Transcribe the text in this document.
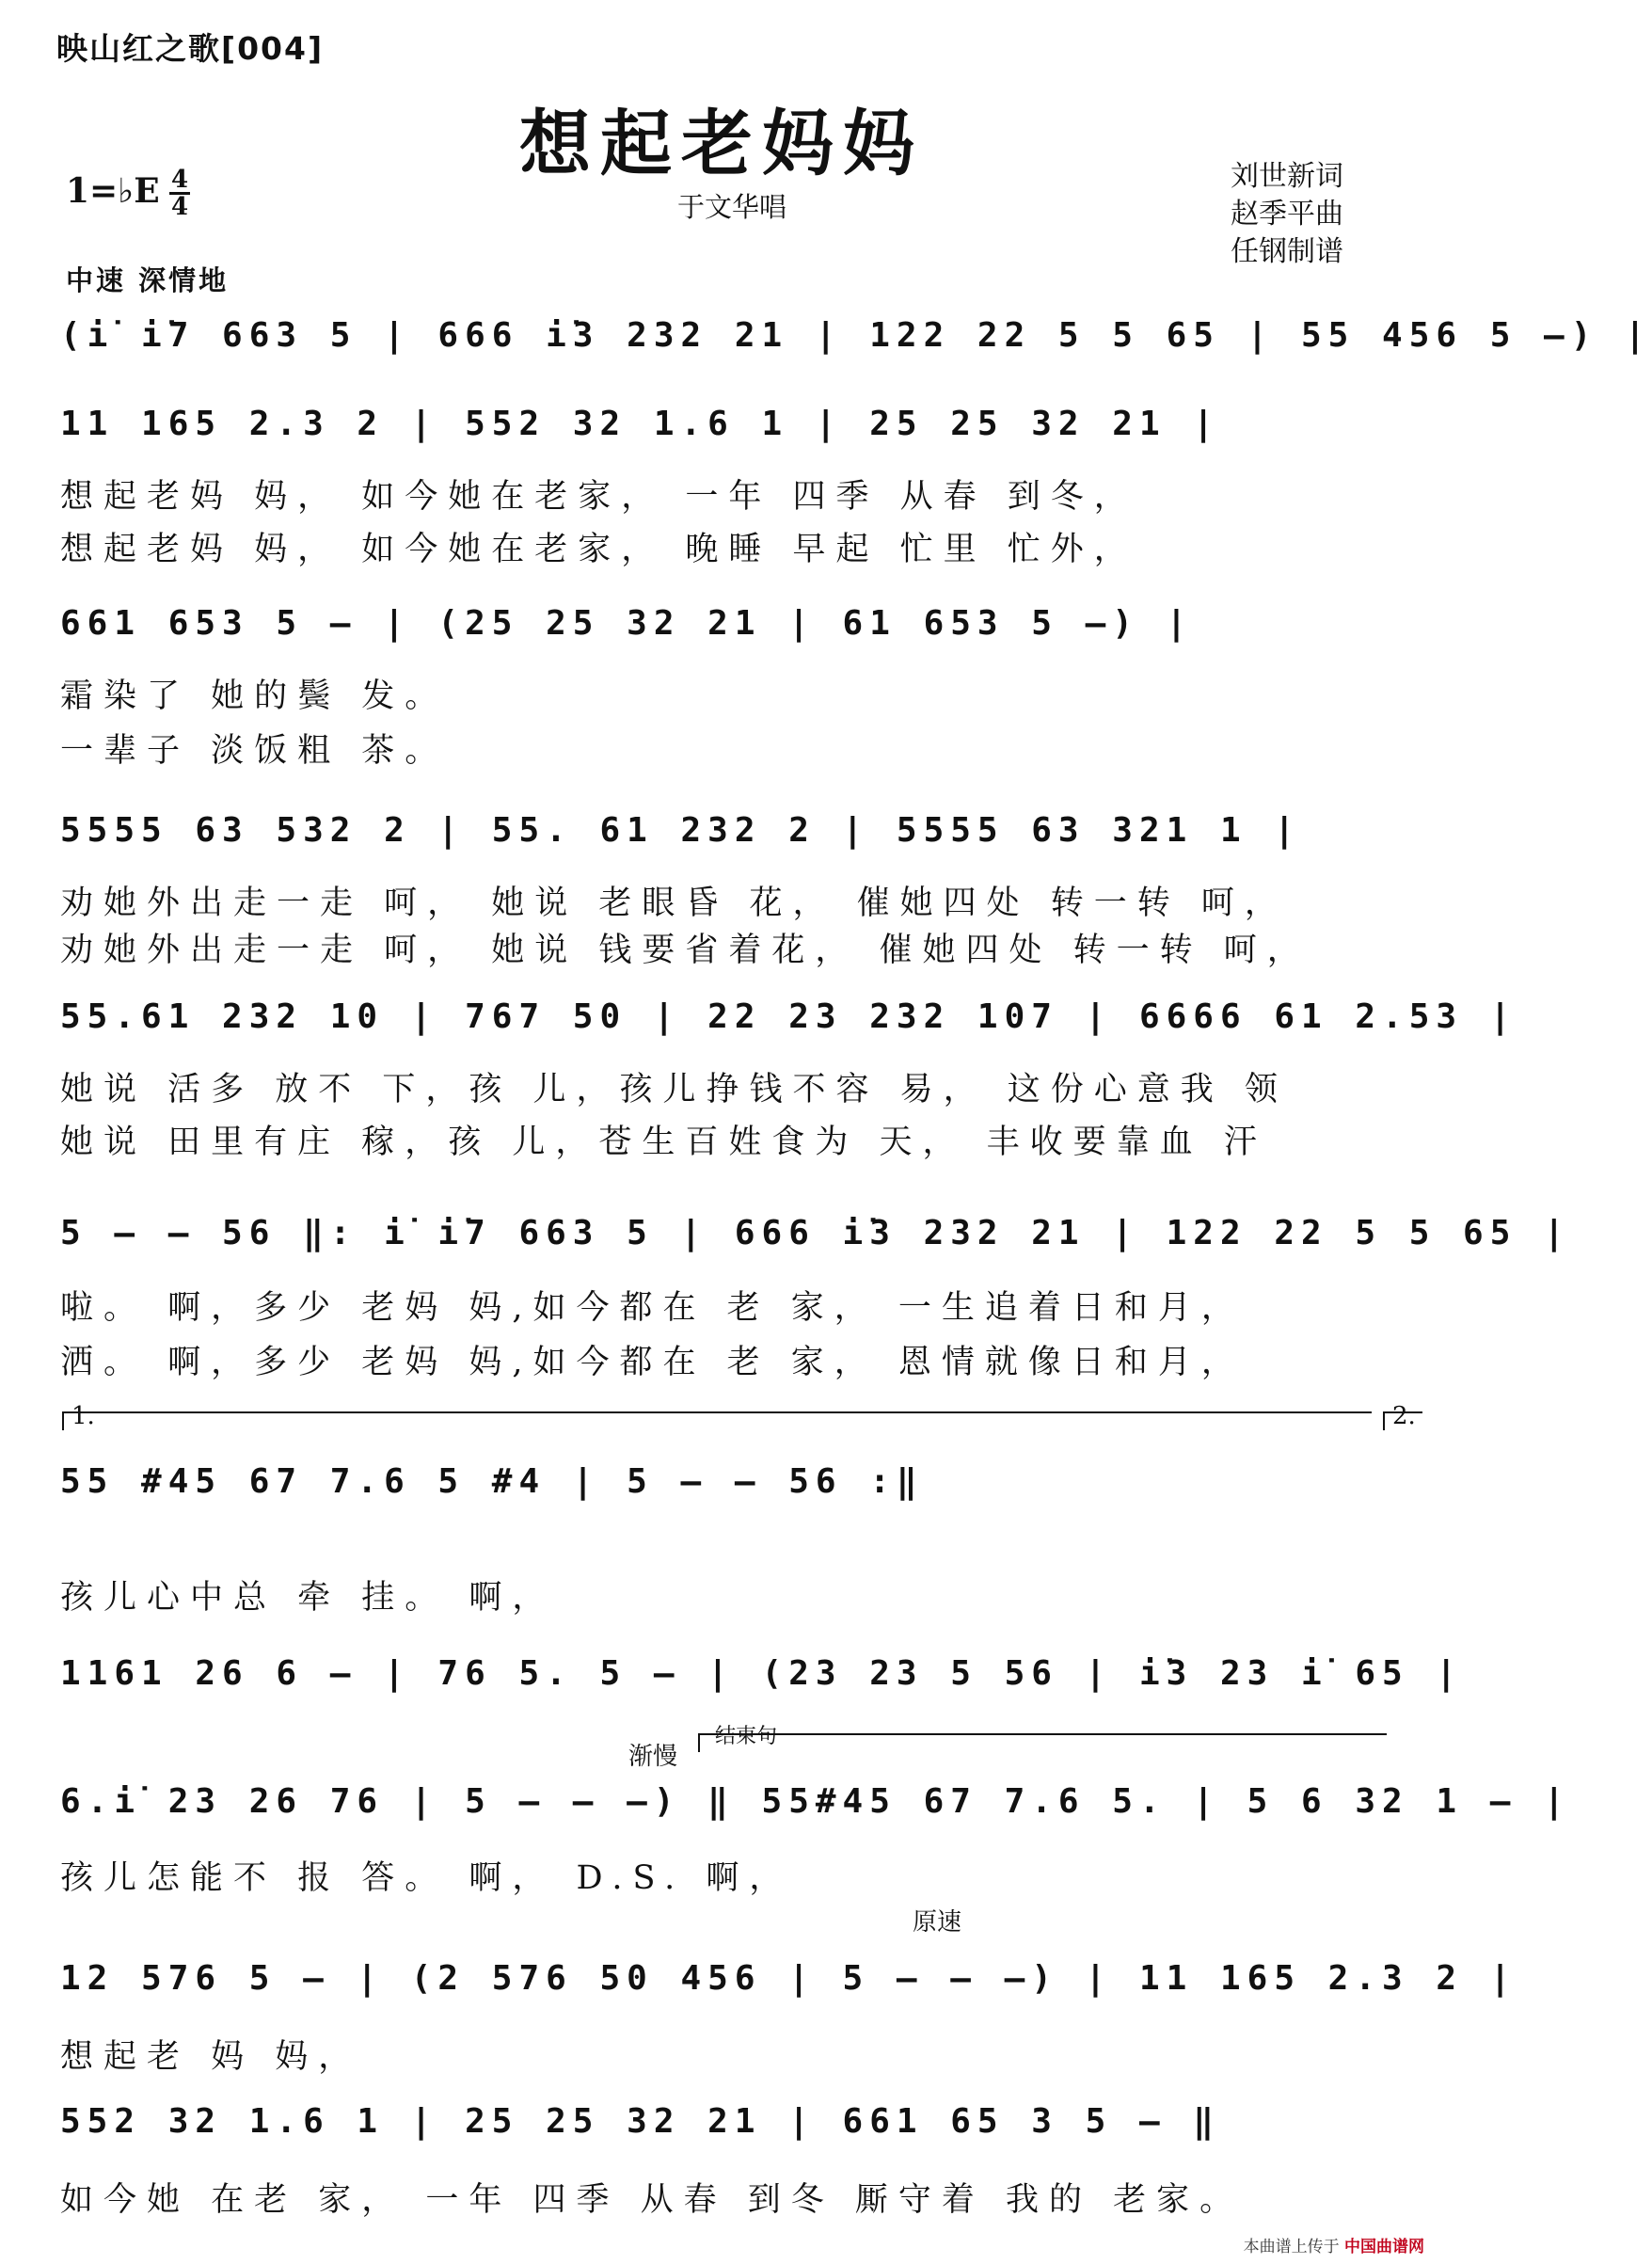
映山红之歌[004]
想起老妈妈
1=♭E 4
4	于文华唱
刘世新词
赵季平曲
任钢制谱
中速 深情地
(i̇ i̇7 663 5 | 666 i̇3 232 21 | 122 22 5 5 65 | 55 456 5 –) |
11 165 2.3 2 | 552 32 1.6 1 | 25 25 32 21 |
想起老妈 妈， 如今她在老家， 一年 四季 从春 到冬，
想起老妈 妈， 如今她在老家， 晚睡 早起 忙里 忙外，
661 653 5 – | (25 25 32 21 | 61 653 5 –) |
霜染了 她的鬓 发。
一辈子 淡饭粗 茶。
5555 63 532 2 | 55. 61 232 2 | 5555 63 321 1 |
劝她外出走一走 呵， 她说 老眼昏 花， 催她四处 转一转 呵，
劝她外出走一走 呵， 她说 钱要省着花， 催她四处 转一转 呵，
55.61 232 10 | 767 50 | 22 23 232 107 | 6666 61 2.53 |
她说 活多 放不 下，孩 儿，孩儿挣钱不容 易， 这份心意我 领
她说 田里有庄 稼，孩 儿，苍生百姓食为 天， 丰收要靠血 汗
5 – – 56 ‖: i̇ i̇7 663 5 | 666 i̇3 232 21 | 122 22 5 5 65 |
啦。 啊，多少 老妈 妈,如今都在 老 家， 一生追着日和月，
洒。 啊，多少 老妈 妈,如今都在 老 家， 恩情就像日和月，
1.	2.
55 #45 67 7.6 5 #4 | 5 – – 56 :‖
孩儿心中总 牵 挂。 啊，
1161 26 6 – | 76 5. 5 – | (23 23 5 56 | i̇3 23 i̇ 65 |
渐慢
结束句
6.i̇ 23 26 76 | 5 – – –) ‖ 55#45 67 7.6 5. | 5 6 32 1 – |
孩儿怎能不 报 答。 啊， D.S. 啊，
原速
12 576 5 – | (2 576 50 456 | 5 – – –) | 11 165 2.3 2 |
想起老 妈 妈，
552 32 1.6 1 | 25 25 32 21 | 661 65 3 5 – ‖
如今她 在老 家， 一年 四季 从春 到冬 厮守着 我的 老家。
本曲谱上传于 中国曲谱网
